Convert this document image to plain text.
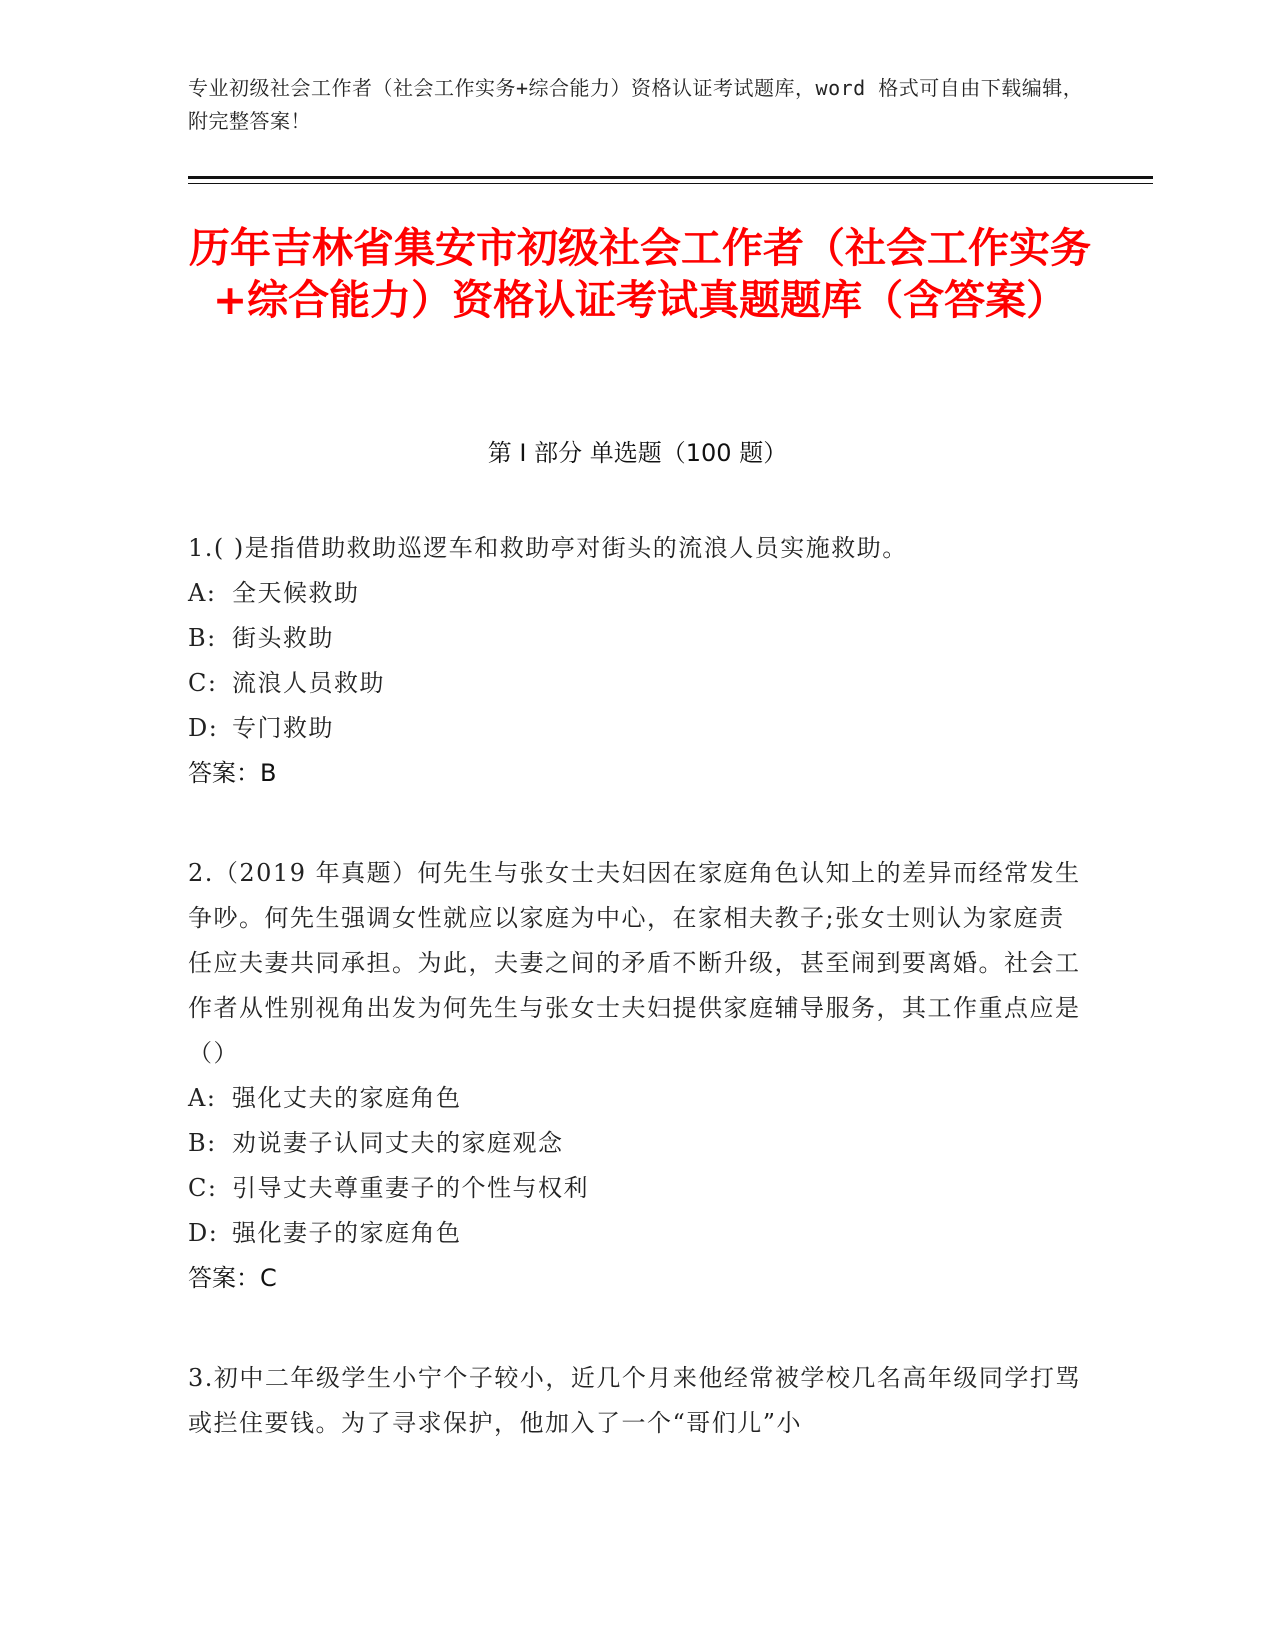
专业初级社会工作者（社会工作实务+综合能力）资格认证考试题库，word 格式可自由下载编辑，附完整答案！
历年吉林省集安市初级社会工作者（社会工作实务+综合能力）资格认证考试真题题库（含答案）
第 I 部分 单选题（100 题）
1.( )是指借助救助巡逻车和救助亭对街头的流浪人员实施救助。
A: 全天候救助
B: 街头救助
C: 流浪人员救助
D: 专门救助
答案：B
2.（2019 年真题）何先生与张女士夫妇因在家庭角色认知上的差异而经常发生争吵。何先生强调女性就应以家庭为中心，在家相夫教子;张女士则认为家庭责任应夫妻共同承担。为此，夫妻之间的矛盾不断升级，甚至闹到要离婚。社会工作者从性别视角出发为何先生与张女士夫妇提供家庭辅导服务，其工作重点应是（）
A: 强化丈夫的家庭角色
B: 劝说妻子认同丈夫的家庭观念
C: 引导丈夫尊重妻子的个性与权利
D: 强化妻子的家庭角色
答案：C
3.初中二年级学生小宁个子较小，近几个月来他经常被学校几名高年级同学打骂或拦住要钱。为了寻求保护，他加入了一个“哥们儿”小
